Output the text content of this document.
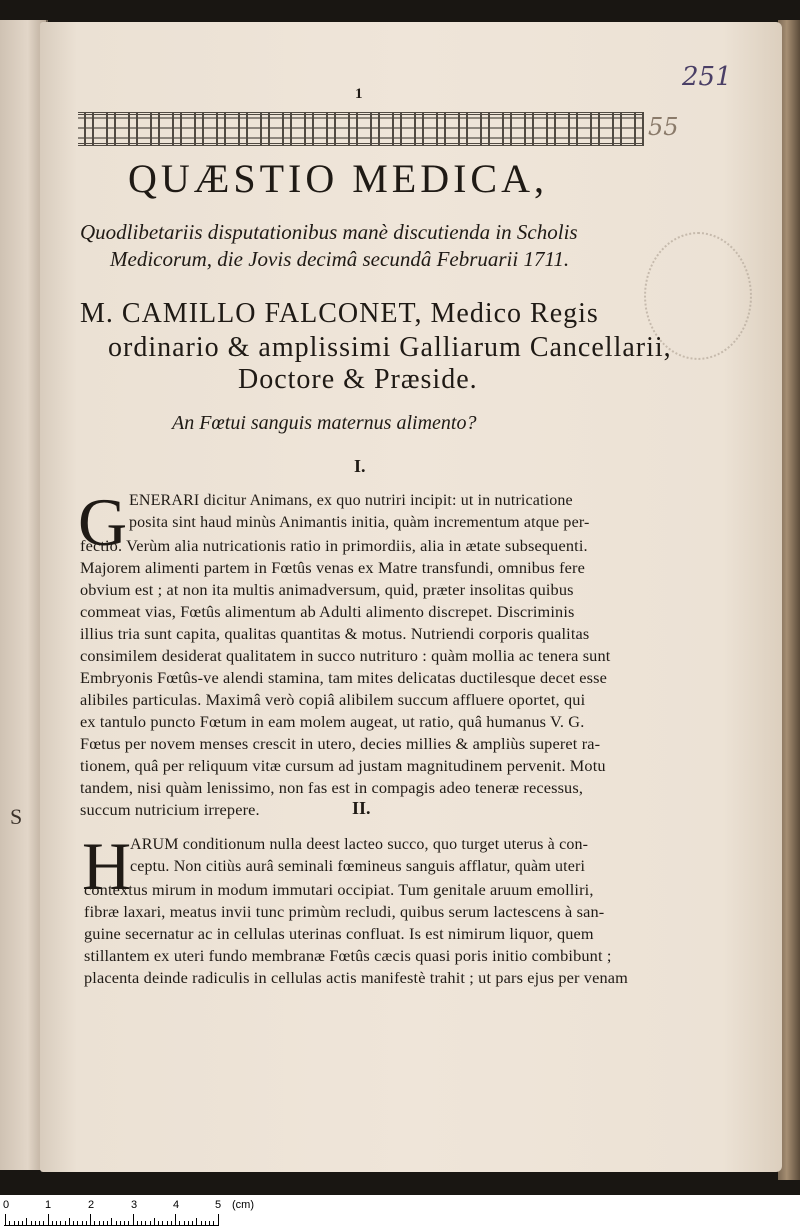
S
251
55
1
QUÆSTIO MEDICA,
Quodlibetariis disputationibus manè discutienda in Scholis
Medicorum, die Jovis decimâ secundâ Februarii 1711.
M. CAMILLO FALCONET, Medico Regis
ordinario & amplissimi Galliarum Cancellarii,
Doctore & Præside.
An Fœtui sanguis maternus alimento?
I.
G ENERARI dicitur Animans, ex quo nutriri incipit: ut in nutricatione
posita sint haud minùs Animantis initia, quàm incrementum atque per-
fectio. Verùm alia nutricationis ratio in primordiis, alia in ætate subsequenti.
Majorem alimenti partem in Fœtûs venas ex Matre transfundi, omnibus fere
obvium est ; at non ita multis animadversum, quid, præter insolitas quibus
commeat vias, Fœtûs alimentum ab Adulti alimento discrepet. Discriminis
illius tria sunt capita, qualitas quantitas & motus. Nutriendi corporis qualitas
consimilem desiderat qualitatem in succo nutrituro : quàm mollia ac tenera sunt
Embryonis Fœtûs-ve alendi stamina, tam mites delicatas ductilesque decet esse
alibiles particulas. Maximâ verò copiâ alibilem succum affluere oportet, qui
ex tantulo puncto Fœtum in eam molem augeat, ut ratio, quâ humanus V. G.
Fœtus per novem menses crescit in utero, decies millies & ampliùs superet ra-
tionem, quâ per reliquum vitæ cursum ad justam magnitudinem pervenit. Motu
tandem, nisi quàm lenissimo, non fas est in compagis adeo teneræ recessus,
succum nutricium irrepere.	II.
H
ARUM conditionum nulla deest lacteo succo, quo turget uterus à con-
ceptu. Non citiùs aurâ seminali fœmineus sanguis afflatur, quàm uteri
contextus mirum in modum immutari occipiat. Tum genitale aruum emolliri,
fibræ laxari, meatus invii tunc primùm recludi, quibus serum lactescens à san-
guine secernatur ac in cellulas uterinas confluat. Is est nimirum liquor, quem
stillantem ex uteri fundo membranæ Fœtûs cæcis quasi poris initio combibunt ;
placenta deinde radiculis in cellulas actis manifestè trahit ; ut pars ejus per venam
0	1	2	3	4	5 (cm)
